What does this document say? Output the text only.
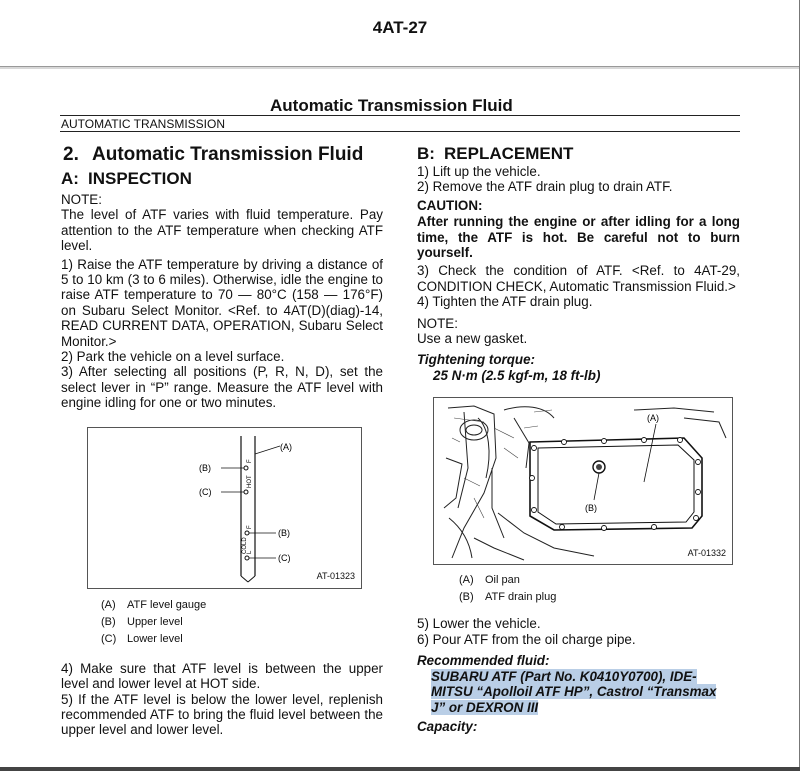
4AT-27
Automatic Transmission Fluid
AUTOMATIC TRANSMISSION
2. Automatic Transmission Fluid
A: INSPECTION
NOTE:
The level of ATF varies with fluid temperature. Pay attention to the ATF temperature when checking ATF level.
1) Raise the ATF temperature by driving a distance of 5 to 10 km (3 to 6 miles). Otherwise, idle the engine to raise ATF temperature to 70 — 80°C (158 — 176°F) on Subaru Select Monitor. <Ref. to 4AT(D)(diag)-14, READ CURRENT DATA, OPERATION, Subaru Select Monitor.>
2) Park the vehicle on a level surface.
3) After selecting all positions (P, R, N, D), set the select lever in “P” range. Measure the ATF level with engine idling for one or two minutes.
(A)
(B)
(C)
(B)
(C)
HOT
F
COLD
F
L
AT-01323
(A)	ATF level gauge
(B)	Upper level
(C) Lower level
4) Make sure that ATF level is between the upper level and lower level at HOT side.
5) If the ATF level is below the lower level, replenish recommended ATF to bring the fluid level between the upper level and lower level.
B: REPLACEMENT
1) Lift up the vehicle.
2) Remove the ATF drain plug to drain ATF.
CAUTION:
After running the engine or after idling for a long time, the ATF is hot. Be careful not to burn yourself.
3) Check the condition of ATF. <Ref. to 4AT-29, CONDITION CHECK, Automatic Transmission Fluid.>
4) Tighten the ATF drain plug.
NOTE:
Use a new gasket.
Tightening torque:
25 N·m (2.5 kgf-m, 18 ft-lb)
(A)
(B)
AT-01332
(A)	Oil pan
(B)	ATF drain plug
5) Lower the vehicle.
6) Pour ATF from the oil charge pipe.
Recommended fluid:
SUBARU ATF (Part No. K0410Y0700), IDE-
MITSU “Apolloil ATF HP”, Castrol “Transmax
J” or DEXRON III
Capacity:
